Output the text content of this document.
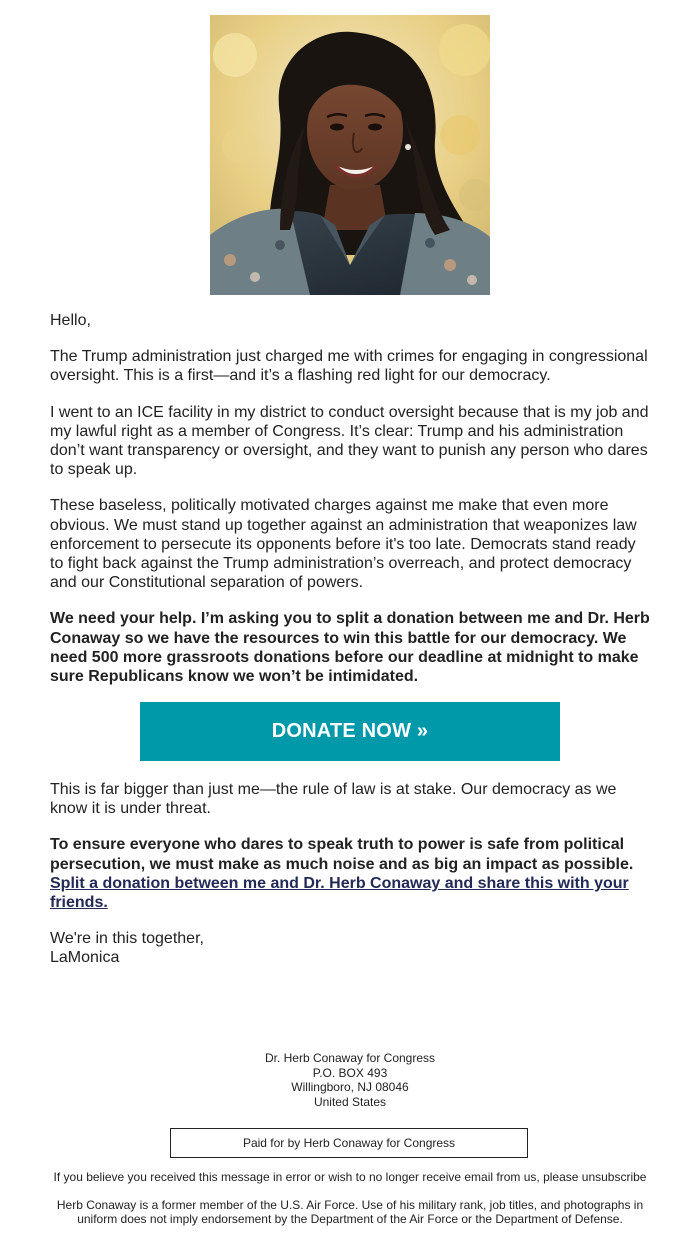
Hello,

The Trump administration just charged me with crimes for engaging in congressional oversight. This is a first—and it’s a flashing red light for our democracy.

I went to an ICE facility in my district to conduct oversight because that is my job and my lawful right as a member of Congress. It’s clear: Trump and his administration don’t want transparency or oversight, and they want to punish any person who dares to speak up.

These baseless, politically motivated charges against me make that even more obvious. We must stand up together against an administration that weaponizes law enforcement to persecute its opponents before it's too late. Democrats stand ready to fight back against the Trump administration’s overreach, and protect democracy and our Constitutional separation of powers.

We need your help. I’m asking you to split a donation between me and Dr. Herb Conaway so we have the resources to win this battle for our democracy. We need 500 more grassroots donations before our deadline at midnight to make sure Republicans know we won’t be intimidated.

DONATE NOW »

This is far bigger than just me—the rule of law is at stake. Our democracy as we know it is under threat.

To ensure everyone who dares to speak truth to power is safe from political persecution, we must make as much noise and as big an impact as possible. Split a donation between me and Dr. Herb Conaway and share this with your friends.

We're in this together,
LaMonica

Dr. Herb Conaway for Congress
P.O. BOX 493
Willingboro, NJ 08046
United States
Paid for by Herb Conaway for Congress
If you believe you received this message in error or wish to no longer receive email from us, please unsubscribe
Herb Conaway is a former member of the U.S. Air Force. Use of his military rank, job titles, and photographs in uniform does not imply endorsement by the Department of the Air Force or the Department of Defense.
